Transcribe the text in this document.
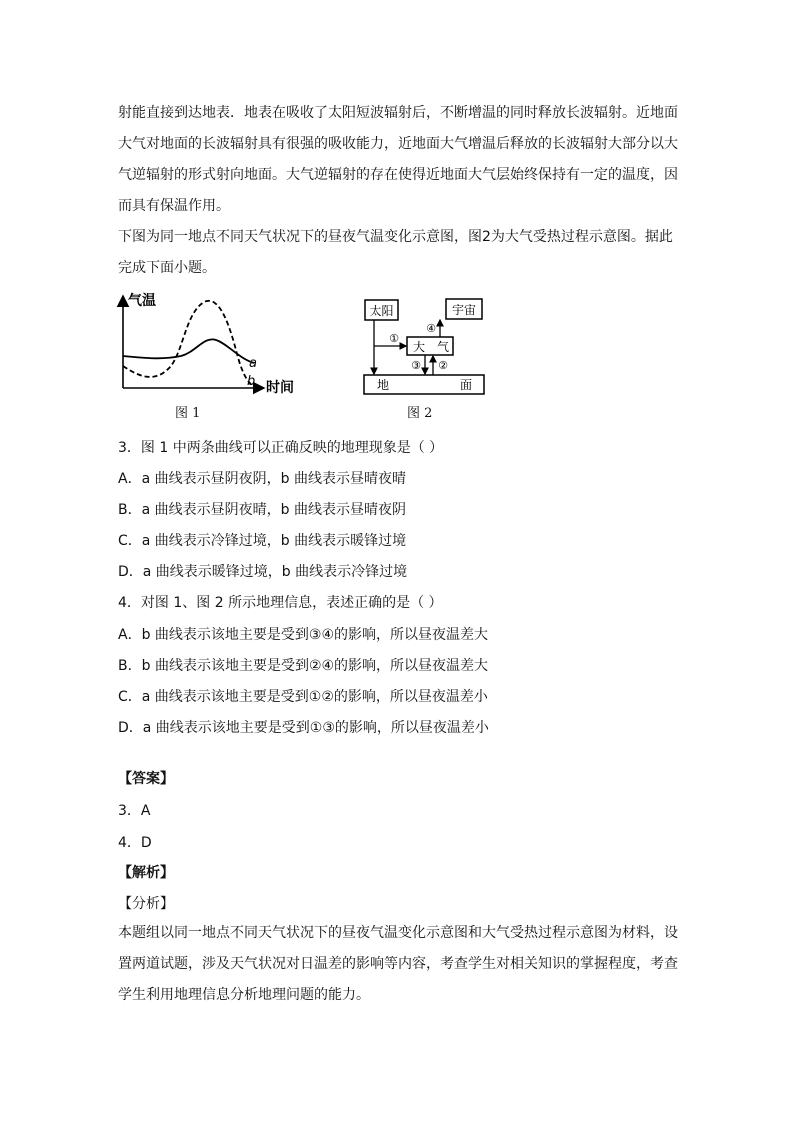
射能直接到达地表．地表在吸收了太阳短波辐射后，不断增温的同时释放长波辐射。近地面大气对地面的长波辐射具有很强的吸收能力，近地面大气增温后释放的长波辐射大部分以大气逆辐射的形式射向地面。大气逆辐射的存在使得近地面大气层始终保持有一定的温度，因而具有保温作用。

下图为同一地点不同天气状况下的昼夜气温变化示意图，图2为大气受热过程示意图。据此完成下面小题。

气温
时间
a
b
图 1
太阳	宇宙
大 气
地	面
①
②
③
④
图 2
3．图 1 中两条曲线可以正确反映的地理现象是（ ）
A．a 曲线表示昼阴夜阴，b 曲线表示昼晴夜晴
B．a 曲线表示昼阴夜晴，b 曲线表示昼晴夜阴
C．a 曲线表示冷锋过境，b 曲线表示暖锋过境
D．a 曲线表示暖锋过境，b 曲线表示冷锋过境
4．对图 1、图 2 所示地理信息，表述正确的是（ ）
A．b 曲线表示该地主要是受到③④的影响，所以昼夜温差大
B．b 曲线表示该地主要是受到②④的影响，所以昼夜温差大
C．a 曲线表示该地主要是受到①②的影响，所以昼夜温差小
D．a 曲线表示该地主要是受到①③的影响，所以昼夜温差小
【答案】
3．A
4．D
【解析】
【分析】

本题组以同一地点不同天气状况下的昼夜气温变化示意图和大气受热过程示意图为材料，设置两道试题，涉及天气状况对日温差的影响等内容，考查学生对相关知识的掌握程度，考查学生利用地理信息分析地理问题的能力。
